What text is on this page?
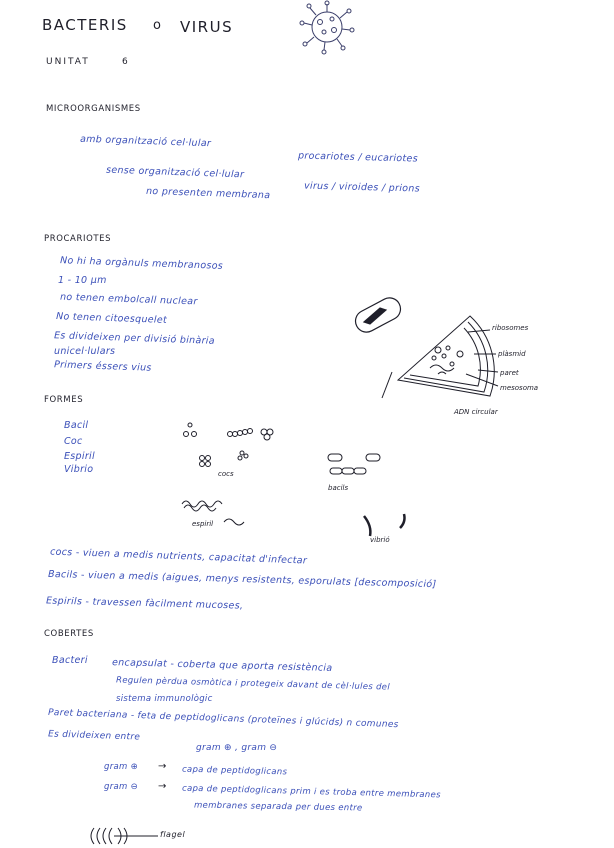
BACTERIS o VIRUS

UNITAT	6

MICROORGANISMES

amb organització cel·lular

procariotes / eucariotes

sense organització cel·lular

virus / viroides / prions

no presenten membrana

PROCARIOTES

No hi ha orgànuls membranosos

1 - 10 µm

no tenen embolcall nuclear

No tenen citoesquelet

Es divideixen per divisió binària

unicel·lulars

Primers éssers vius

ribosomes
plàsmid
paret
mesosoma
ADN circular

FORMES

Bacil

Coc

Espiril

Vibrio	cocs
bacils
espiril
vibrió

cocs - viuen a medis nutrients, capacitat d'infectar

Bacils - viuen a medis (aigues, menys resistents, esporulats [descomposició]

Espirils - travessen fàcilment mucoses,

COBERTES

Bacteri	encapsulat - coberta que aporta resistència

Regulen pèrdua osmòtica i protegeix davant de cèl·lules del

sistema immunològic

Paret bacteriana - feta de peptidoglicans (proteïnes i glúcids) n comunes

Es divideixen entre

gram ⊕ , gram ⊖

gram ⊕ → capa de peptidoglicans

gram ⊖ → capa de peptidoglicans prim i es troba entre membranes

membranes separada per dues entre

flagel
